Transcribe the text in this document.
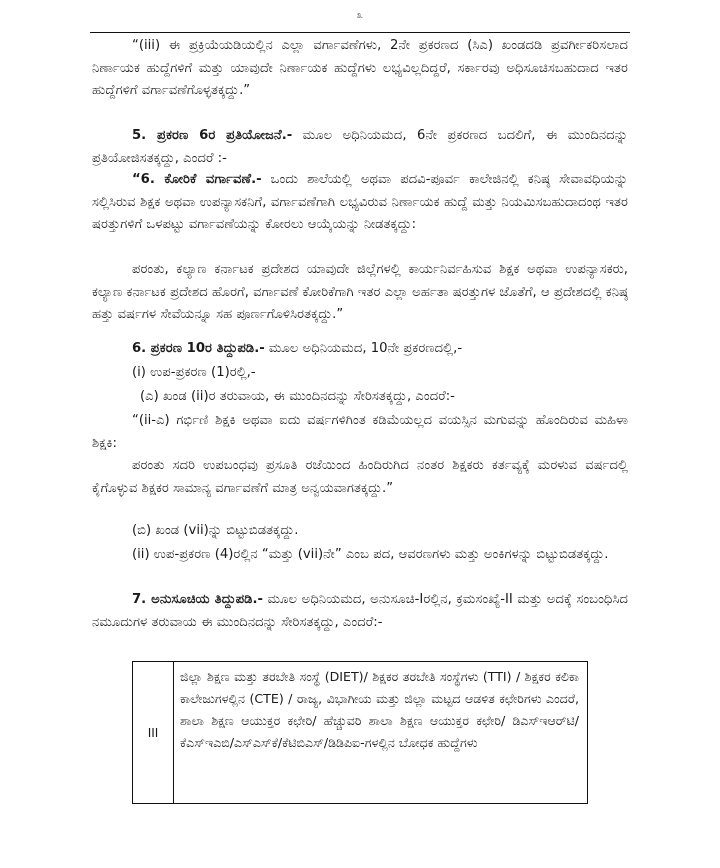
೩
“(iii) ಈ ಪ್ರಕ್ರಿಯೆಯಡಿಯಲ್ಲಿನ ಎಲ್ಲಾ ವರ್ಗಾವಣೆಗಳು, 2ನೇ ಪ್ರಕರಣದ (ಸಿಎ) ಖಂಡದಡಿ ಪ್ರವರ್ಗೀಕರಿಸಲಾದ ನಿರ್ಣಾಯಕ ಹುದ್ದೆಗಳಿಗೆ ಮತ್ತು ಯಾವುದೇ ನಿರ್ಣಾಯಕ ಹುದ್ದೆಗಳು ಲಭ್ಯವಿಲ್ಲದಿದ್ದರೆ, ಸರ್ಕಾರವು ಅಧಿಸೂಚಿಸಬಹುದಾದ ಇತರ ಹುದ್ದೆಗಳಿಗೆ ವರ್ಗಾವಣೆಗೊಳ್ಳತಕ್ಕದ್ದು.”
5. ಪ್ರಕರಣ 6ರ ಪ್ರತಿಯೋಜನೆ.- ಮೂಲ ಅಧಿನಿಯಮದ, 6ನೇ ಪ್ರಕರಣದ ಬದಲಿಗೆ, ಈ ಮುಂದಿನದನ್ನು ಪ್ರತಿಯೋಜಿಸತಕ್ಕದ್ದು, ಎಂದರೆ :-
“6. ಕೋರಿಕೆ ವರ್ಗಾವಣೆ.- ಒಂದು ಶಾಲೆಯಲ್ಲಿ ಅಥವಾ ಪದವಿ-ಪೂರ್ವ ಕಾಲೇಜಿನಲ್ಲಿ ಕನಿಷ್ಠ ಸೇವಾವಧಿಯನ್ನು ಸಲ್ಲಿಸಿರುವ ಶಿಕ್ಷಕ ಅಥವಾ ಉಪನ್ಯಾಸಕನಿಗೆ, ವರ್ಗಾವಣೆಗಾಗಿ ಲಭ್ಯವಿರುವ ನಿರ್ಣಾಯಕ ಹುದ್ದೆ ಮತ್ತು ನಿಯಮಿಸಬಹುದಾದಂಥ ಇತರ ಷರತ್ತುಗಳಿಗೆ ಒಳಪಟ್ಟು ವರ್ಗಾವಣೆಯನ್ನು ಕೋರಲು ಆಯ್ಕೆಯನ್ನು ನೀಡತಕ್ಕದ್ದು:
ಪರಂತು, ಕಲ್ಯಾಣ ಕರ್ನಾಟಕ ಪ್ರದೇಶದ ಯಾವುದೇ ಜಿಲ್ಲೆಗಳಲ್ಲಿ ಕಾರ್ಯನಿರ್ವಹಿಸುವ ಶಿಕ್ಷಕ ಅಥವಾ ಉಪನ್ಯಾಸಕರು, ಕಲ್ಯಾಣ ಕರ್ನಾಟಕ ಪ್ರದೇಶದ ಹೊರಗೆ, ವರ್ಗಾವಣೆ ಕೋರಿಕೆಗಾಗಿ ಇತರ ಎಲ್ಲಾ ಅರ್ಹತಾ ಷರತ್ತುಗಳ ಜೊತೆಗೆ, ಆ ಪ್ರದೇಶದಲ್ಲಿ ಕನಿಷ್ಠ ಹತ್ತು ವರ್ಷಗಳ ಸೇವೆಯನ್ನೂ ಸಹ ಪೂರ್ಣಗೊಳಿಸಿರತಕ್ಕದ್ದು.”
6. ಪ್ರಕರಣ 10ರ ತಿದ್ದುಪಡಿ.- ಮೂಲ ಅಧಿನಿಯಮದ, 10ನೇ ಪ್ರಕರಣದಲ್ಲಿ,-
(i) ಉಪ-ಪ್ರಕರಣ (1)ರಲ್ಲಿ,-
(ಎ) ಖಂಡ (ii)ರ ತರುವಾಯ, ಈ ಮುಂದಿನದನ್ನು ಸೇರಿಸತಕ್ಕದ್ದು, ಎಂದರೆ:-
“(ii-ಎ) ಗರ್ಭಿಣಿ ಶಿಕ್ಷಕಿ ಅಥವಾ ಐದು ವರ್ಷಗಳಿಗಿಂತ ಕಡಿಮೆಯಲ್ಲದ ವಯಸ್ಸಿನ ಮಗುವನ್ನು ಹೊಂದಿರುವ ಮಹಿಳಾ ಶಿಕ್ಷಕಿ:
ಪರಂತು ಸದರಿ ಉಪಬಂಧವು ಪ್ರಸೂತಿ ರಜೆಯಿಂದ ಹಿಂದಿರುಗಿದ ನಂತರ ಶಿಕ್ಷಕರು ಕರ್ತವ್ಯಕ್ಕೆ ಮರಳುವ ವರ್ಷದಲ್ಲಿ ಕೈಗೊಳ್ಳುವ ಶಿಕ್ಷಕರ ಸಾಮಾನ್ಯ ವರ್ಗಾವಣೆಗೆ ಮಾತ್ರ ಅನ್ವಯವಾಗತಕ್ಕದ್ದು.”
(ಬಿ) ಖಂಡ (vii)ನ್ನು ಬಿಟ್ಟುಬಿಡತಕ್ಕದ್ದು.
(ii) ಉಪ-ಪ್ರಕರಣ (4)ರಲ್ಲಿನ “ಮತ್ತು (vii)ನೇ” ಎಂಬ ಪದ, ಆವರಣಗಳು ಮತ್ತು ಅಂಕಿಗಳನ್ನು ಬಿಟ್ಟುಬಿಡತಕ್ಕದ್ದು.
7. ಅನುಸೂಚಿಯ ತಿದ್ದುಪಡಿ.- ಮೂಲ ಅಧಿನಿಯಮದ, ಅನುಸೂಚಿ-Iರಲ್ಲಿನ, ಕ್ರಮಸಂಖ್ಯೆ-II ಮತ್ತು ಅದಕ್ಕೆ ಸಂಬಂಧಿಸಿದ ನಮೂದುಗಳ ತರುವಾಯ ಈ ಮುಂದಿನದನ್ನು ಸೇರಿಸತಕ್ಕದ್ದು, ಎಂದರೆ:-
III
ಜಿಲ್ಲಾ ಶಿಕ್ಷಣ ಮತ್ತು ತರಬೇತಿ ಸಂಸ್ಥೆ (DIET)/ ಶಿಕ್ಷಕರ ತರಬೇತಿ ಸಂಸ್ಥೆಗಳು (TTI) / ಶಿಕ್ಷಕರ ಕಲಿಕಾ ಕಾಲೇಜುಗಳಲ್ಲಿನ (CTE) / ರಾಜ್ಯ, ವಿಭಾಗೀಯ ಮತ್ತು ಜಿಲ್ಲಾ ಮಟ್ಟದ ಆಡಳಿತ ಕಛೇರಿಗಳು ಎಂದರೆ, ಶಾಲಾ ಶಿಕ್ಷಣ ಆಯುಕ್ತರ ಕಛೇರಿ/ ಹೆಚ್ಚುವರಿ ಶಾಲಾ ಶಿಕ್ಷಣ ಆಯುಕ್ತರ ಕಛೇರಿ/ ಡಿಎಸ್‌ಇಆರ್‌ಟಿ/ ಕೆಎಸ್‌ಇಎಬಿ/ಎಸ್‌ಎಸ್‌ಕೆ/ಕೆಟಿಬಿಎಸ್/ಡಿಡಿಪಿಐ-ಗಳಲ್ಲಿನ ಬೋಧಕ ಹುದ್ದೆಗಳು
